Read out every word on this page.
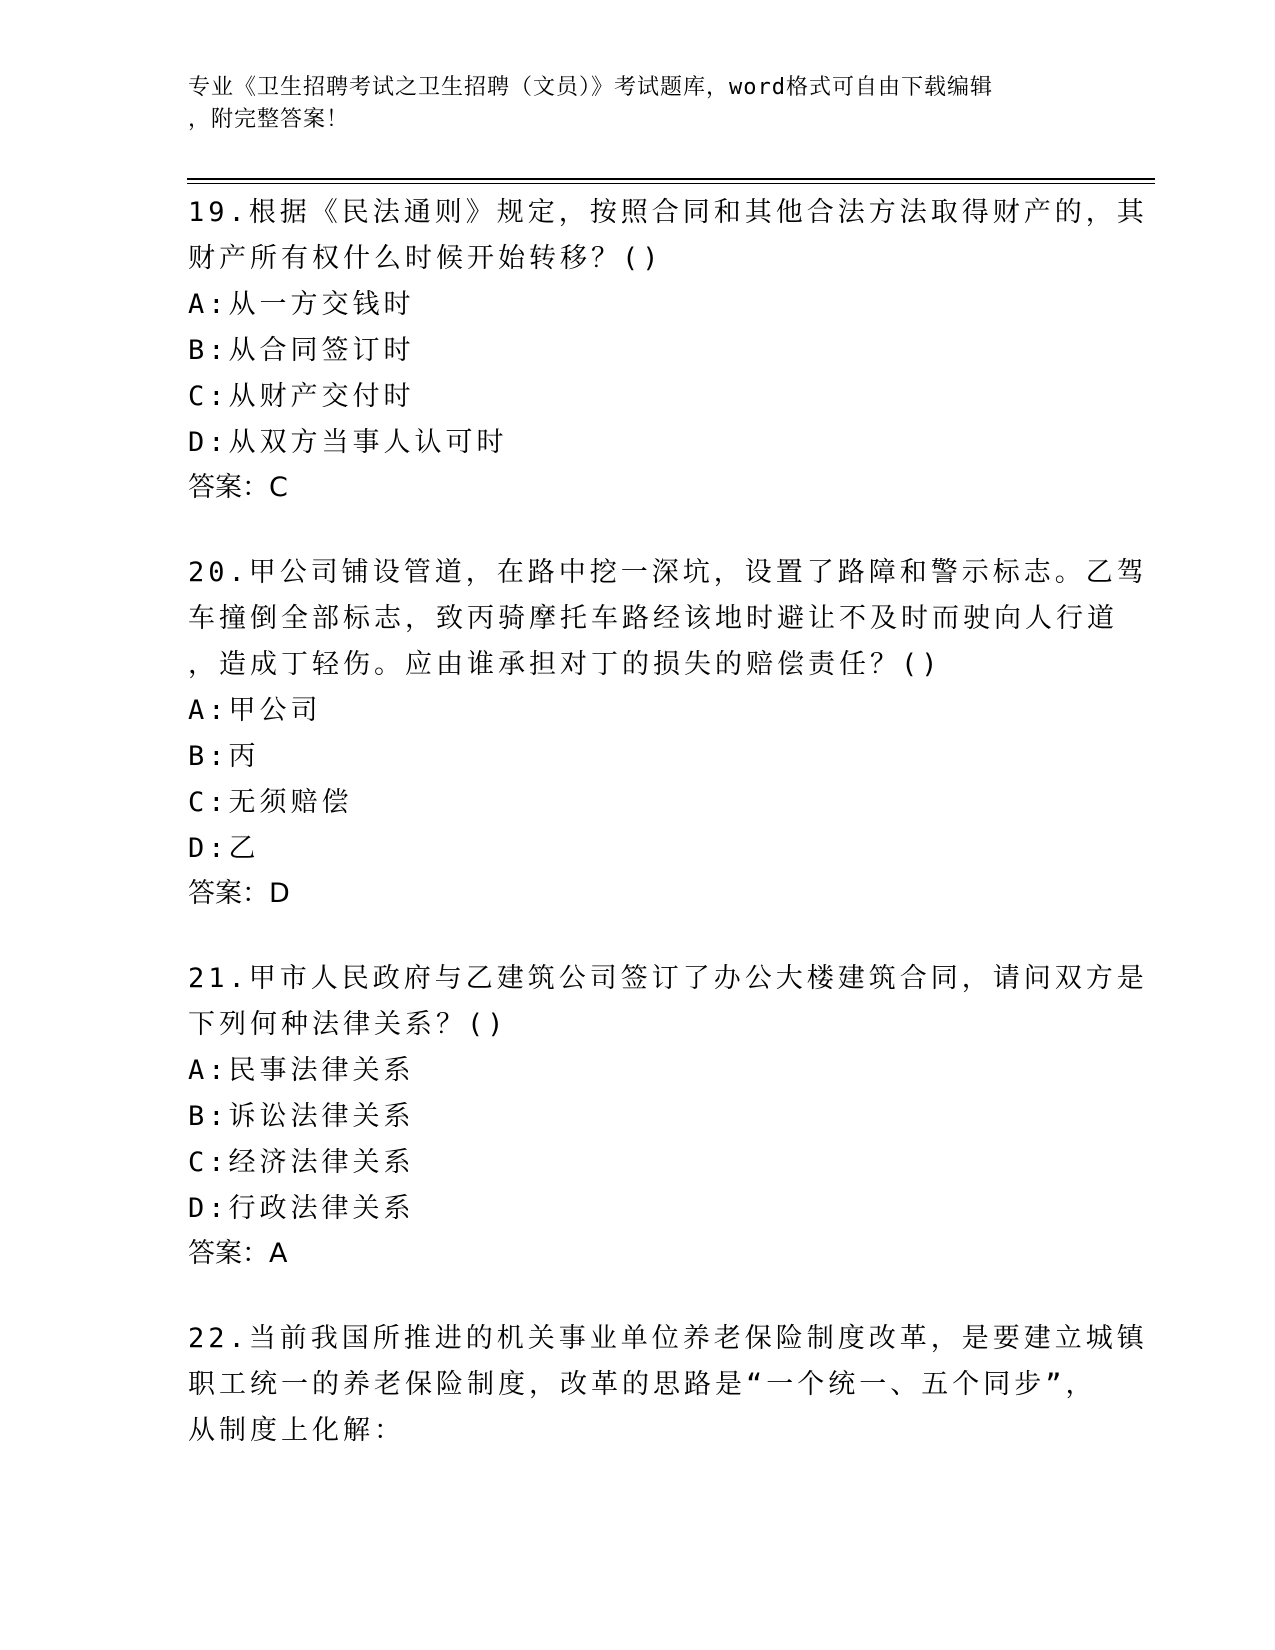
专业《卫生招聘考试之卫生招聘（文员）》考试题库，word格式可自由下载编辑
，附完整答案！
19.根据《民法通则》规定，按照合同和其他合法方法取得财产的，其
财产所有权什么时候开始转移？()
A:从一方交钱时
B:从合同签订时
C:从财产交付时
D:从双方当事人认可时
答案：C
20.甲公司铺设管道，在路中挖一深坑，设置了路障和警示标志。乙驾
车撞倒全部标志，致丙骑摩托车路经该地时避让不及时而驶向人行道
，造成丁轻伤。应由谁承担对丁的损失的赔偿责任？()
A:甲公司
B:丙
C:无须赔偿
D:乙
答案：D
21.甲市人民政府与乙建筑公司签订了办公大楼建筑合同，请问双方是
下列何种法律关系？()
A:民事法律关系
B:诉讼法律关系
C:经济法律关系
D:行政法律关系
答案：A
22.当前我国所推进的机关事业单位养老保险制度改革，是要建立城镇
职工统一的养老保险制度，改革的思路是“一个统一、五个同步”，
从制度上化解：
